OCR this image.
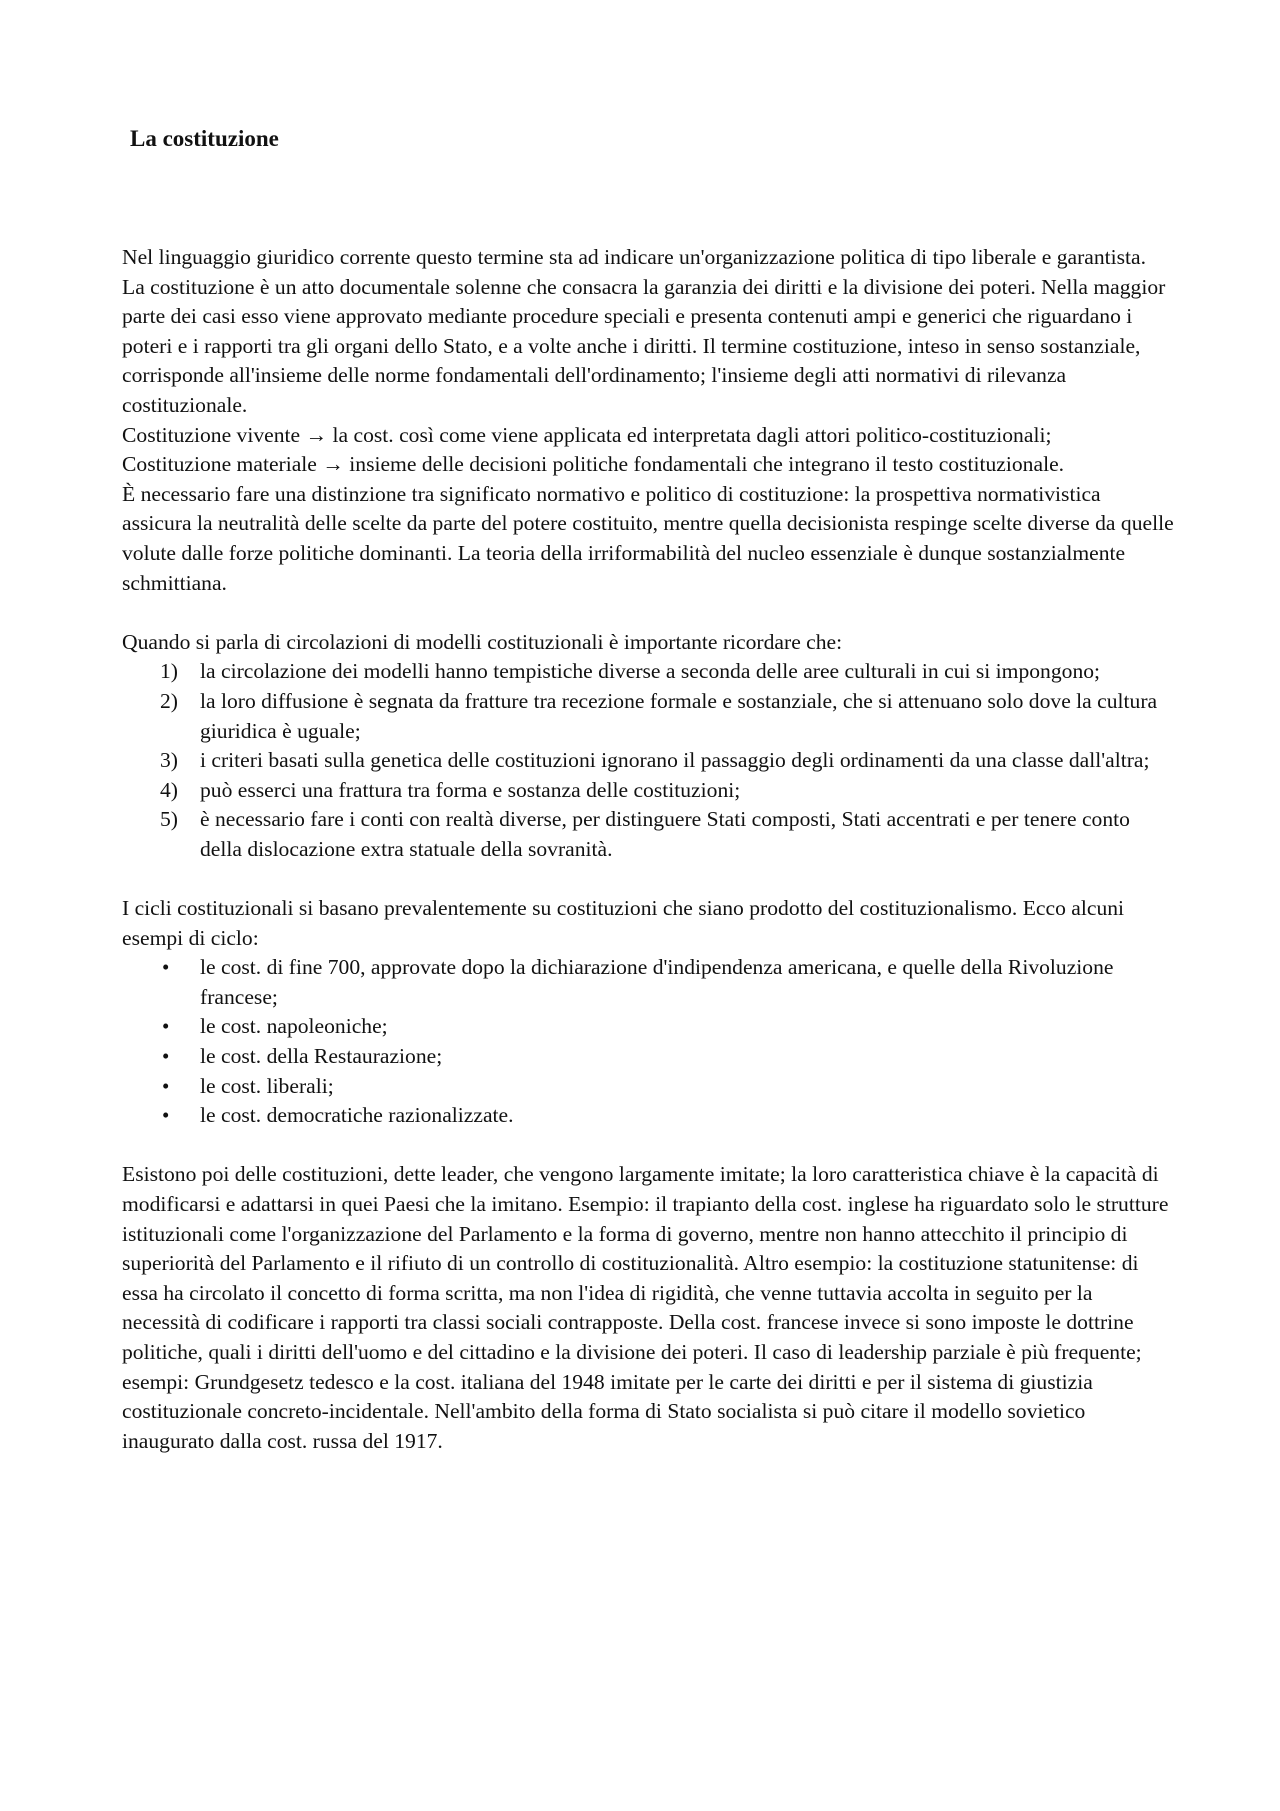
La costituzione

Nel linguaggio giuridico corrente questo termine sta ad indicare un'organizzazione politica di tipo liberale e garantista. La costituzione è un atto documentale solenne che consacra la garanzia dei diritti e la divisione dei poteri. Nella maggior parte dei casi esso viene approvato mediante procedure speciali e presenta contenuti ampi e generici che riguardano i poteri e i rapporti tra gli organi dello Stato, e a volte anche i diritti. Il termine costituzione, inteso in senso sostanziale, corrisponde all'insieme delle norme fondamentali dell'ordinamento; l'insieme degli atti normativi di rilevanza costituzionale.

Costituzione vivente → la cost. così come viene applicata ed interpretata dagli attori politico-costituzionali;

Costituzione materiale → insieme delle decisioni politiche fondamentali che integrano il testo costituzionale.

È necessario fare una distinzione tra significato normativo e politico di costituzione: la prospettiva normativistica assicura la neutralità delle scelte da parte del potere costituito, mentre quella decisionista respinge scelte diverse da quelle volute dalle forze politiche dominanti. La teoria della irriformabilità del nucleo essenziale è dunque sostanzialmente schmittiana.

Quando si parla di circolazioni di modelli costituzionali è importante ricordare che:

1) la circolazione dei modelli hanno tempistiche diverse a seconda delle aree culturali in cui si impongono;
2) la loro diffusione è segnata da fratture tra recezione formale e sostanziale, che si attenuano solo dove la cultura giuridica è uguale;
3) i criteri basati sulla genetica delle costituzioni ignorano il passaggio degli ordinamenti da una classe dall'altra;
4) può esserci una frattura tra forma e sostanza delle costituzioni;
5) è necessario fare i conti con realtà diverse, per distinguere Stati composti, Stati accentrati e per tenere conto della dislocazione extra statuale della sovranità.

I cicli costituzionali si basano prevalentemente su costituzioni che siano prodotto del costituzionalismo. Ecco alcuni esempi di ciclo:

• le cost. di fine 700, approvate dopo la dichiarazione d'indipendenza americana, e quelle della Rivoluzione francese;
• le cost. napoleoniche;
• le cost. della Restaurazione;
• le cost. liberali;
• le cost. democratiche razionalizzate.

Esistono poi delle costituzioni, dette leader, che vengono largamente imitate; la loro caratteristica chiave è la capacità di modificarsi e adattarsi in quei Paesi che la imitano. Esempio: il trapianto della cost. inglese ha riguardato solo le strutture istituzionali come l'organizzazione del Parlamento e la forma di governo, mentre non hanno attecchito il principio di superiorità del Parlamento e il rifiuto di un controllo di costituzionalità. Altro esempio: la costituzione statunitense: di essa ha circolato il concetto di forma scritta, ma non l'idea di rigidità, che venne tuttavia accolta in seguito per la necessità di codificare i rapporti tra classi sociali contrapposte. Della cost. francese invece si sono imposte le dottrine politiche, quali i diritti dell'uomo e del cittadino e la divisione dei poteri. Il caso di leadership parziale è più frequente; esempi: Grundgesetz tedesco e la cost. italiana del 1948 imitate per le carte dei diritti e per il sistema di giustizia costituzionale concreto-incidentale. Nell'ambito della forma di Stato socialista si può citare il modello sovietico inaugurato dalla cost. russa del 1917.
